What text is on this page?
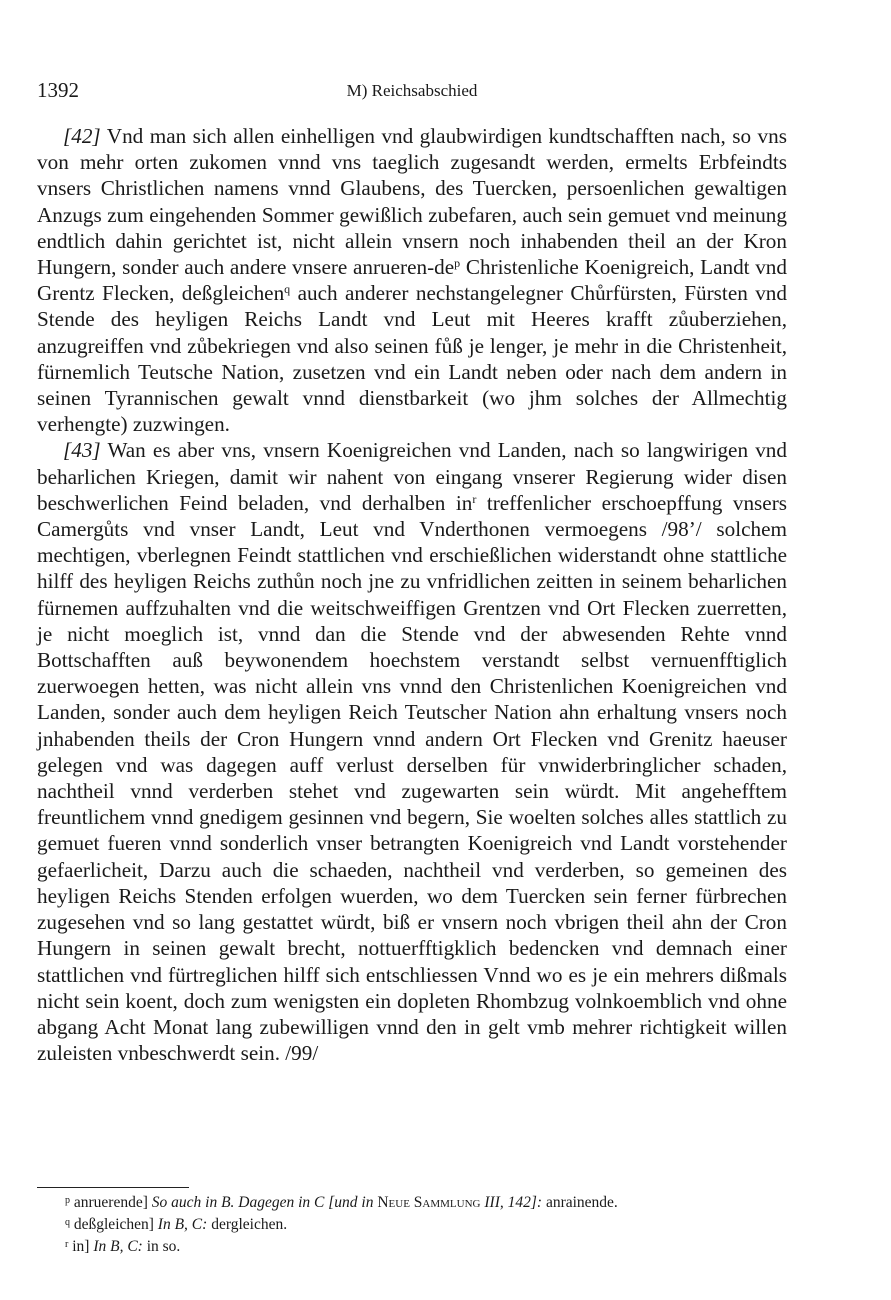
1392	M) Reichsabschied

[42] Vnd man sich allen einhelligen vnd glaubwirdigen kundtschafften nach, so vns von mehr orten zukomen vnnd vns taeglich zugesandt werden, ermelts Erbfeindts vnsers Christlichen namens vnnd Glaubens, des Tuercken, persoenlichen gewaltigen Anzugs zum eingehenden Sommer gewißlich zubefaren, auch sein gemuet vnd meinung endtlich dahin gerichtet ist, nicht allein vnsern noch inhabenden theil an der Kron Hungern, sonder auch andere vnsere anrueren-$de^p$ Christenliche Koenigreich, Landt vnd Grentz Flecken, deßgleichen$^q$ auch anderer nechstangelegner Chůrfürsten, Fürsten vnd Stende des heyligen Reichs Landt vnd Leut mit Heeres krafft zůuberziehen, anzugreiffen vnd zůbekriegen vnd also seinen fůß je lenger, je mehr in die Christenheit, fürnemlich Teutsche Nation, zusetzen vnd ein Landt neben oder nach dem andern in seinen Tyrannischen gewalt vnnd dienstbarkeit (wo jhm solches der Allmechtig verhengte) zuzwingen.

[43] Wan es aber vns, vnsern Koenigreichen vnd Landen, nach so langwirigen vnd beharlichen Kriegen, damit wir nahent von eingang vnserer Regierung wider disen beschwerlichen Feind beladen, vnd derhalben $in^r$ treffenlicher erschoepffung vnsers Camergůts vnd vnser Landt, Leut vnd Vnderthonen vermoegens /98’/ solchem mechtigen, vberlegnen Feindt stattlichen vnd erschießlichen widerstandt ohne stattliche hilff des heyligen Reichs zuthůn noch jne zu vnfridlichen zeitten in seinem beharlichen fürnemen auffzuhalten vnd die weitschweiffigen Grentzen vnd Ort Flecken zuerretten, je nicht moeglich ist, vnnd dan die Stende vnd der abwesenden Rehte vnnd Bottschafften auß beywonendem hoechstem verstandt selbst vernuenfftiglich zuerwoegen hetten, was nicht allein vns vnnd den Christenlichen Koenigreichen vnd Landen, sonder auch dem heyligen Reich Teutscher Nation ahn erhaltung vnsers noch jnhabenden theils der Cron Hungern vnnd andern Ort Flecken vnd Grenitz haeuser gelegen vnd was dagegen auff verlust derselben für vnwiderbringlicher schaden, nachtheil vnnd verderben stehet vnd zugewarten sein würdt. Mit angehefftem freuntlichem vnnd gnedigem gesinnen vnd begern, Sie woelten solches alles stattlich zu gemuet fueren vnnd sonderlich vnser betrangten Koenigreich vnd Landt vorstehender gefaerlicheit, Darzu auch die schaeden, nachtheil vnd verderben, so gemeinen des heyligen Reichs Stenden erfolgen wuerden, wo dem Tuercken sein ferner fürbrechen zugesehen vnd so lang gestattet würdt, biß er vnsern noch vbrigen theil ahn der Cron Hungern in seinen gewalt brecht, nottuerfftigklich bedencken vnd demnach einer stattlichen vnd fürtreglichen hilff sich entschliessen Vnnd wo es je ein mehrers dißmals nicht sein koent, doch zum wenigsten ein dopleten Rhombzug volnkoemblich vnd ohne abgang Acht Monat lang zubewilligen vnnd den in gelt vmb mehrer richtigkeit willen zuleisten vnbeschwerdt sein. /99/

$^p$ anruerende] So auch in B. Dagegen in C [und in Neue Sammlung III, 142]: anrainende.

$^q$ deßgleichen] In B, C: dergleichen.

$^r$ in] In B, C: in so.
